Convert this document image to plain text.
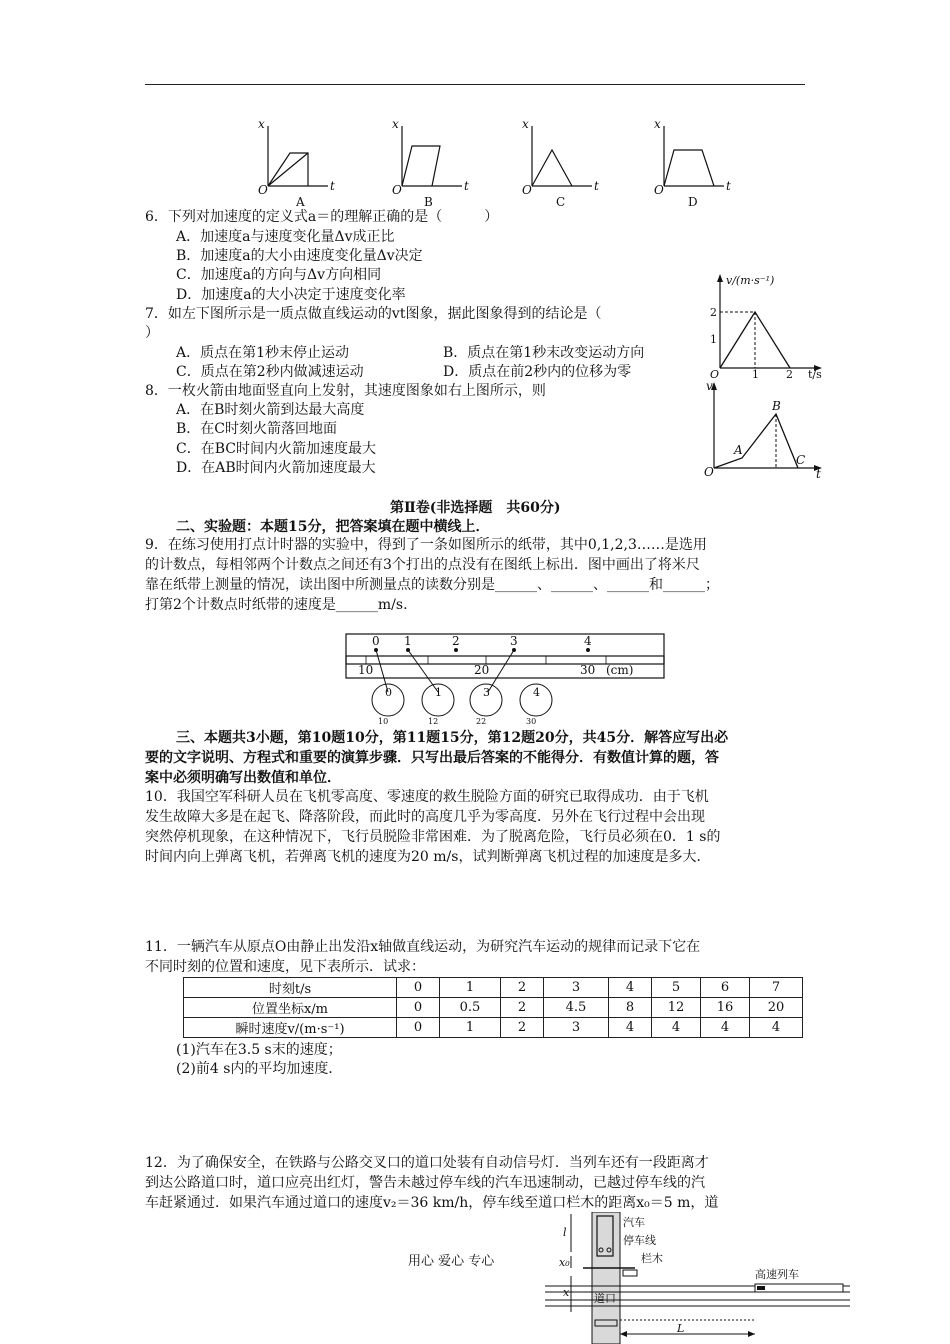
x	x	x	x
t	t	t	t
O	O	O	O
A	B	C	D
6．下列对加速度的定义式a＝的理解正确的是（　　　）
A．加速度a与速度变化量Δv成正比
B．加速度a的大小由速度变化量Δv决定
C．加速度a的方向与Δv方向相同
D．加速度a的大小决定于速度变化率
7．如左下图所示是一质点做直线运动的vt图象，据此图象得到的结论是（
）
A．质点在第1秒末停止运动	B．质点在第1秒末改变运动方向
C．质点在第2秒内做减速运动	D．质点在前2秒内的位移为零
v/(m·s⁻¹)
t/s
O
1
2
1 2
8．一枚火箭由地面竖直向上发射，其速度图象如右上图所示，则
A．在B时刻火箭到达最大高度
B．在C时刻火箭落回地面
C．在BC时间内火箭加速度最大
D．在AB时间内火箭加速度最大
v
t
O
A
B
C
第Ⅱ卷(非选择题　共60分)
二、实验题：本题15分，把答案填在题中横线上．
9．在练习使用打点计时器的实验中，得到了一条如图所示的纸带，其中0,1,2,3……是选用
的计数点，每相邻两个计数点之间还有3个打出的点没有在图纸上标出．图中画出了将米尺
靠在纸带上测量的情况，读出图中所测量点的读数分别是______、______、______和______；
打第2个计数点时纸带的速度是______m/s.
0 1	2	3	4
10	20	30 (cm)
0	1	3	4
10	12	22	30
三、本题共3小题，第10题10分，第11题15分，第12题20分，共45分．解答应写出必
要的文字说明、方程式和重要的演算步骤．只写出最后答案的不能得分．有数值计算的题，答
案中必须明确写出数值和单位．
10．我国空军科研人员在飞机零高度、零速度的救生脱险方面的研究已取得成功．由于飞机
发生故障大多是在起飞、降落阶段，而此时的高度几乎为零高度．另外在飞行过程中会出现
突然停机现象，在这种情况下，飞行员脱险非常困难．为了脱离危险，飞行员必须在0．1 s的
时间内向上弹离飞机，若弹离飞机的速度为20 m/s，试判断弹离飞机过程的加速度是多大．
11．一辆汽车从原点O由静止出发沿x轴做直线运动，为研究汽车运动的规律而记录下它在
不同时刻的位置和速度，见下表所示．试求：
时刻t/s	0	1	2	3	4	5	6	7
位置坐标x/m	0	0.5	2	4.5	8	12	16	20
瞬时速度v/(m·s⁻¹)	0	1	2	3	4	4	4	4
(1)汽车在3.5 s末的速度；
(2)前4 s内的平均加速度．
12．为了确保安全，在铁路与公路交叉口的道口处装有自动信号灯．当列车还有一段距离才
到达公路道口时，道口应亮出红灯，警告未越过停车线的汽车迅速制动，已越过停车线的汽
车赶紧通过．如果汽车通过道口的速度v₂＝36 km/h，停车线至道口栏木的距离x₀＝5 m，道
用心 爱心 专心
汽车
停车线
栏木
高速列车
道口
l
x₀
x
L
